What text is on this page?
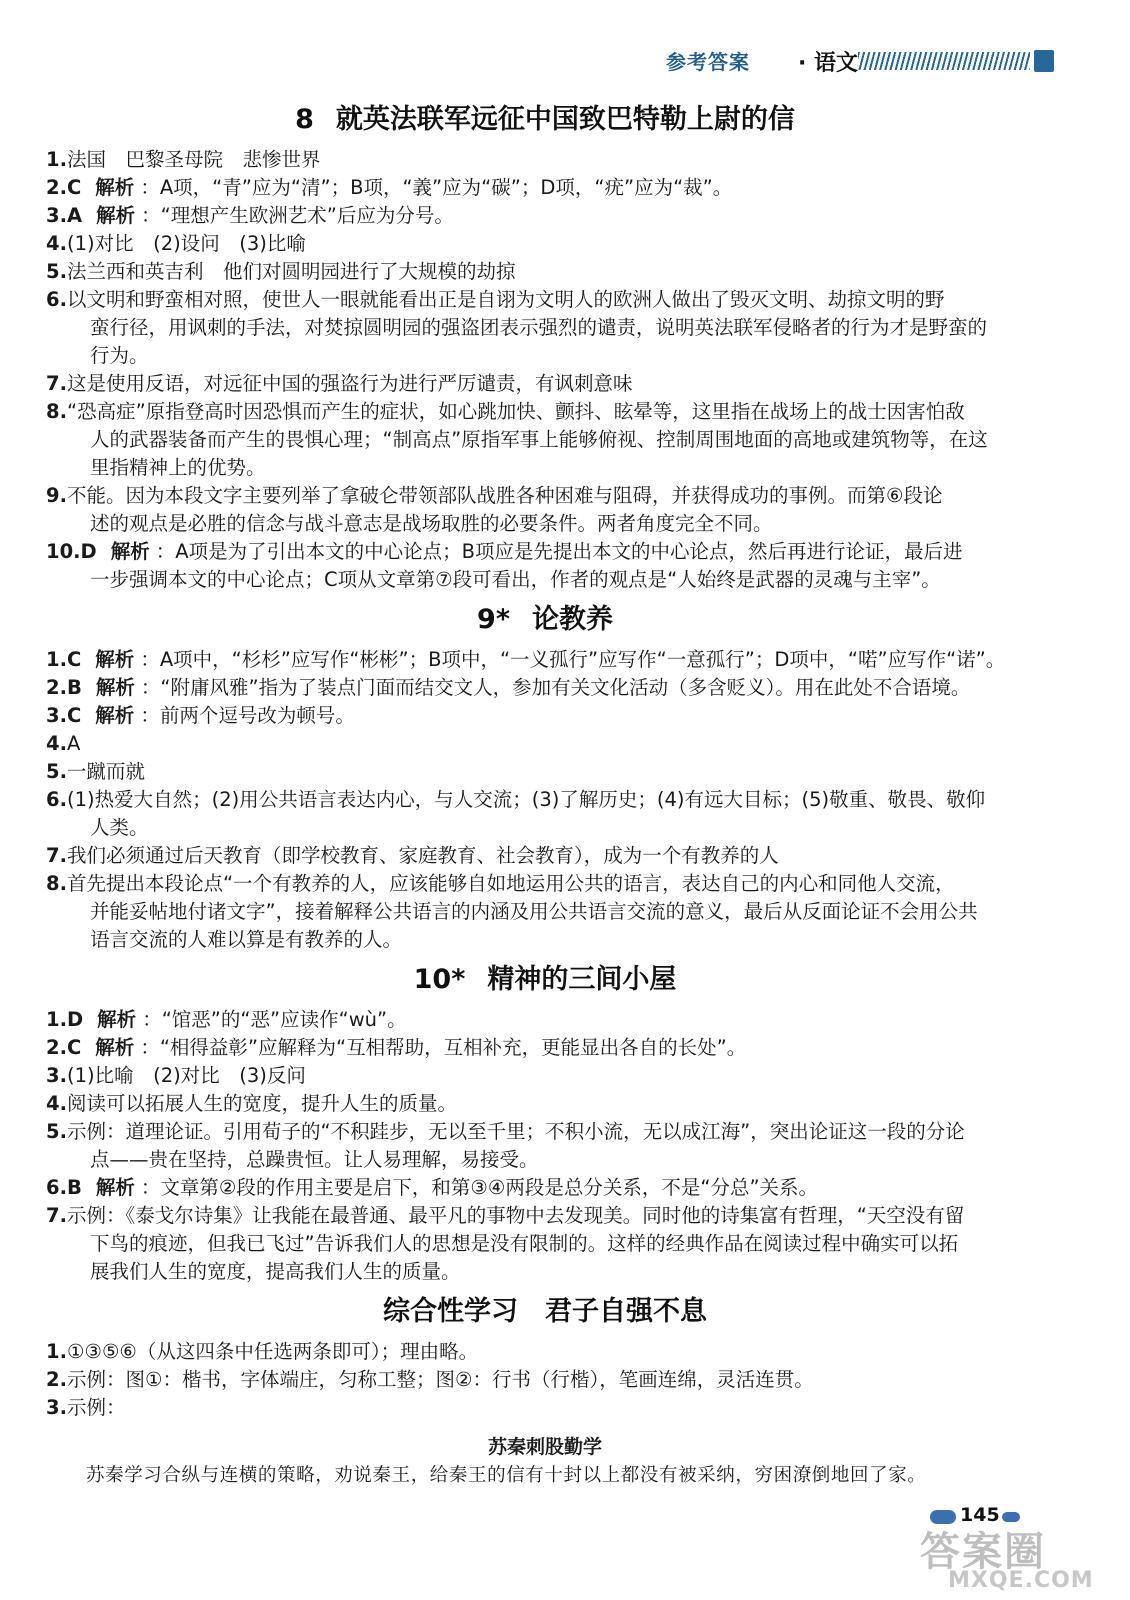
参考答案 · 语文
8 就英法联军远征中国致巴特勒上尉的信

1.法国　巴黎圣母院　悲惨世界

2.C 解析 ：A项，“青”应为“清”；B项，“義”应为“碳”；D项，“疣”应为“裁”。

3.A 解析 ：“理想产生欧洲艺术”后应为分号。

4.(1)对比　(2)设问　(3)比喻

5.法兰西和英吉利　他们对圆明园进行了大规模的劫掠

6.以文明和野蛮相对照，使世人一眼就能看出正是自诩为文明人的欧洲人做出了毁灭文明、劫掠文明的野

蛮行径，用讽刺的手法，对焚掠圆明园的强盗团表示强烈的谴责，说明英法联军侵略者的行为才是野蛮的

行为。

7.这是使用反语，对远征中国的强盗行为进行严厉谴责，有讽刺意味

8.“恐高症”原指登高时因恐惧而产生的症状，如心跳加快、颤抖、眩晕等，这里指在战场上的战士因害怕敌

人的武器装备而产生的畏惧心理；“制高点”原指军事上能够俯视、控制周围地面的高地或建筑物等，在这

里指精神上的优势。

9.不能。因为本段文字主要列举了拿破仑带领部队战胜各种困难与阻碍，并获得成功的事例。而第⑥段论

述的观点是必胜的信念与战斗意志是战场取胜的必要条件。两者角度完全不同。

10.D 解析 ：A项是为了引出本文的中心论点；B项应是先提出本文的中心论点，然后再进行论证，最后进

一步强调本文的中心论点；C项从文章第⑦段可看出，作者的观点是“人始终是武器的灵魂与主宰”。

9* 论教养

1.C 解析 ：A项中，“杉杉”应写作“彬彬”；B项中，“一义孤行”应写作“一意孤行”；D项中，“喏”应写作“诺”。

2.B 解析 ：“附庸风雅”指为了装点门面而结交文人，参加有关文化活动（多含贬义）。用在此处不合语境。

3.C 解析 ：前两个逗号改为顿号。

4.A

5.一蹴而就

6.(1)热爱大自然；(2)用公共语言表达内心，与人交流；(3)了解历史；(4)有远大目标；(5)敬重、敬畏、敬仰

人类。

7.我们必须通过后天教育（即学校教育、家庭教育、社会教育），成为一个有教养的人

8.首先提出本段论点“一个有教养的人，应该能够自如地运用公共的语言，表达自己的内心和同他人交流，

并能妥帖地付诸文字”，接着解释公共语言的内涵及用公共语言交流的意义，最后从反面论证不会用公共

语言交流的人难以算是有教养的人。

10* 精神的三间小屋

1.D 解析 ：“馆恶”的“恶”应读作“wù”。

2.C 解析 ：“相得益彰”应解释为“互相帮助，互相补充，更能显出各自的长处”。

3.(1)比喻　(2)对比　(3)反问

4.阅读可以拓展人生的宽度，提升人生的质量。

5.示例：道理论证。引用荀子的“不积跬步，无以至千里；不积小流，无以成江海”，突出论证这一段的分论

点——贵在坚持，总躁贵恒。让人易理解，易接受。

6.B 解析 ：文章第②段的作用主要是启下，和第③④两段是总分关系，不是“分总”关系。

7.示例：《泰戈尔诗集》让我能在最普通、最平凡的事物中去发现美。同时他的诗集富有哲理，“天空没有留

下鸟的痕迹，但我已飞过”告诉我们人的思想是没有限制的。这样的经典作品在阅读过程中确实可以拓

展我们人生的宽度，提高我们人生的质量。

综合性学习　君子自强不息

1.①③⑤⑥（从这四条中任选两条即可）；理由略。

2.示例：图①：楷书，字体端庄，匀称工整；图②：行书（行楷），笔画连绵，灵活连贯。

3.示例：

苏秦刺股勤学
苏秦学习合纵与连横的策略，劝说秦王，给秦王的信有十封以上都没有被采纳，穷困潦倒地回了家。
145
答案圈
MXQE.COM
